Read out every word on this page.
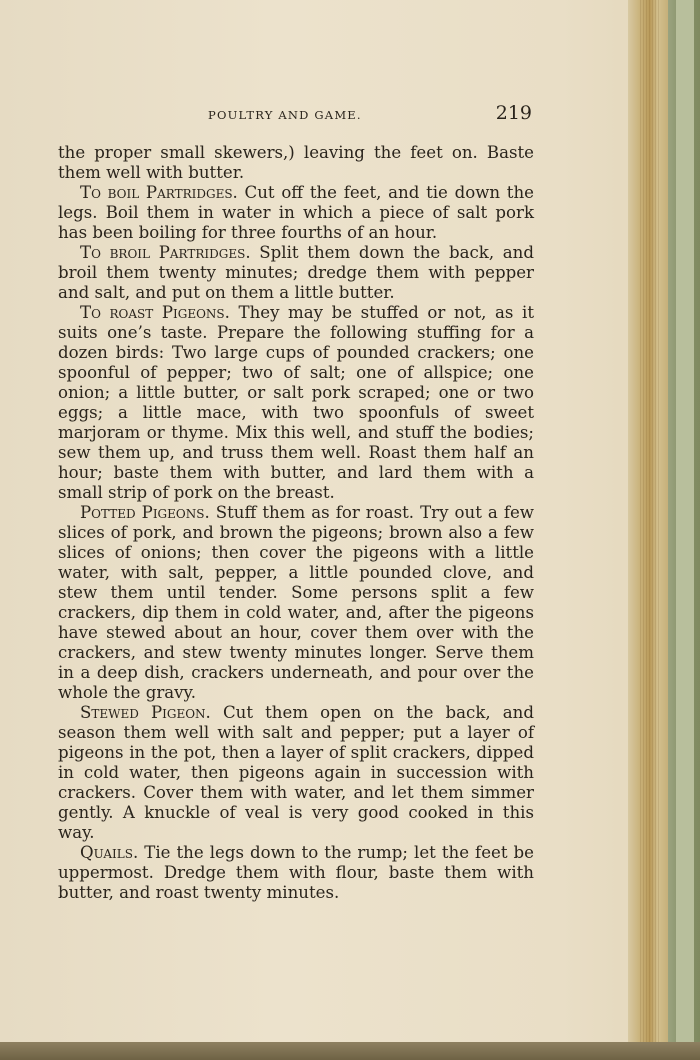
POULTRY AND GAME.	219

the proper small skewers,) leaving the feet on. Baste them well with butter.

To boil Partridges. Cut off the feet, and tie down the legs. Boil them in water in which a piece of salt pork has been boiling for three fourths of an hour.

To broil Partridges. Split them down the back, and broil them twenty minutes; dredge them with pepper and salt, and put on them a little butter.

To roast Pigeons. They may be stuffed or not, as it suits one’s taste. Prepare the following stuffing for a dozen birds: Two large cups of pounded crackers; one spoonful of pepper; two of salt; one of allspice; one onion; a little butter, or salt pork scraped; one or two eggs; a little mace, with two spoonfuls of sweet marjoram or thyme. Mix this well, and stuff the bodies; sew them up, and truss them well. Roast them half an hour; baste them with butter, and lard them with a small strip of pork on the breast.

Potted Pigeons. Stuff them as for roast. Try out a few slices of pork, and brown the pigeons; brown also a few slices of onions; then cover the pigeons with a little water, with salt, pepper, a little pounded clove, and stew them until tender. Some persons split a few crackers, dip them in cold water, and, after the pigeons have stewed about an hour, cover them over with the crackers, and stew twenty minutes longer. Serve them in a deep dish, crackers underneath, and pour over the whole the gravy.

Stewed Pigeon. Cut them open on the back, and season them well with salt and pepper; put a layer of pigeons in the pot, then a layer of split crackers, dipped in cold water, then pigeons again in succession with crackers. Cover them with water, and let them simmer gently. A knuckle of veal is very good cooked in this way.

Quails. Tie the legs down to the rump; let the feet be uppermost. Dredge them with flour, baste them with butter, and roast twenty minutes.
